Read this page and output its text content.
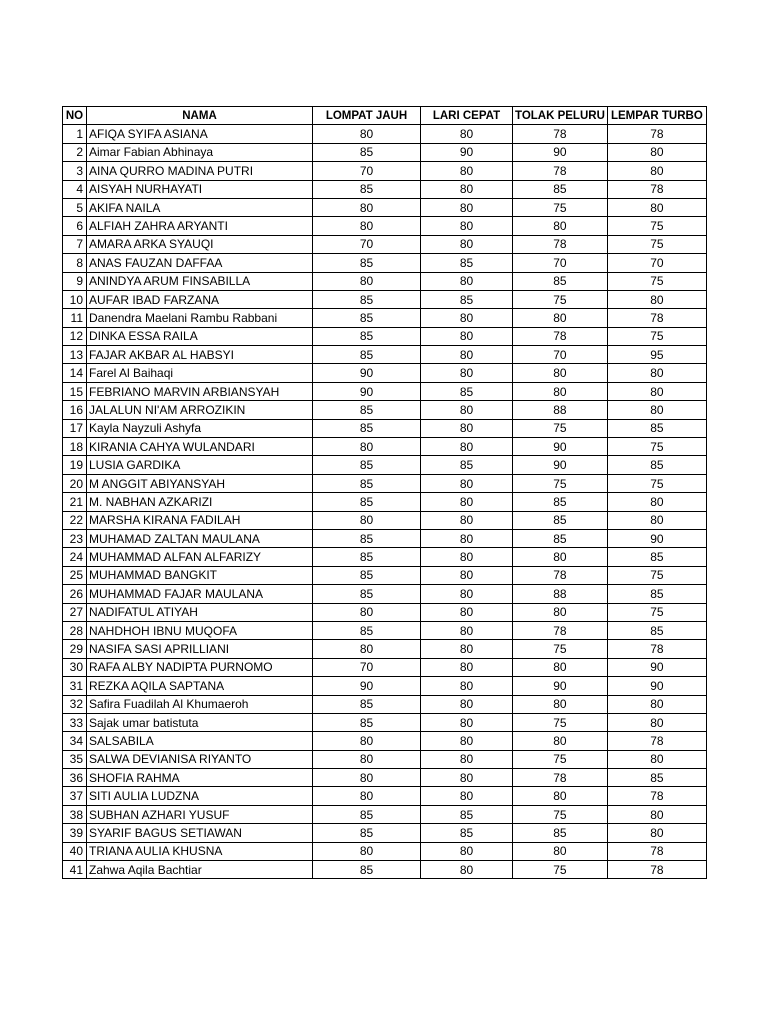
NO	NAMA	LOMPAT JAUH	LARI CEPAT	TOLAK PELURU	LEMPAR TURBO
1	AFIQA SYIFA ASIANA	80	80	78	78
2	Aimar Fabian Abhinaya	85	90	90	80
3	AINA QURRO MADINA PUTRI	70	80	78	80
4	AISYAH NURHAYATI	85	80	85	78
5	AKIFA NAILA	80	80	75	80
6	ALFIAH ZAHRA ARYANTI	80	80	80	75
7	AMARA ARKA SYAUQI	70	80	78	75
8	ANAS FAUZAN DAFFAA	85	85	70	70
9	ANINDYA ARUM FINSABILLA	80	80	85	75
10	AUFAR IBAD FARZANA	85	85	75	80
11	Danendra Maelani Rambu Rabbani	85	80	80	78
12	DINKA ESSA RAILA	85	80	78	75
13	FAJAR AKBAR AL HABSYI	85	80	70	95
14	Farel Al Baihaqi	90	80	80	80
15	FEBRIANO MARVIN ARBIANSYAH	90	85	80	80
16	JALALUN NI'AM ARROZIKIN	85	80	88	80
17	Kayla Nayzuli Ashyfa	85	80	75	85
18	KIRANIA CAHYA WULANDARI	80	80	90	75
19	LUSIA GARDIKA	85	85	90	85
20	M ANGGIT ABIYANSYAH	85	80	75	75
21	M. NABHAN AZKARIZI	85	80	85	80
22	MARSHA KIRANA FADILAH	80	80	85	80
23	MUHAMAD ZALTAN MAULANA	85	80	85	90
24	MUHAMMAD ALFAN ALFARIZY	85	80	80	85
25	MUHAMMAD BANGKIT	85	80	78	75
26	MUHAMMAD FAJAR MAULANA	85	80	88	85
27	NADIFATUL ATIYAH	80	80	80	75
28	NAHDHOH IBNU MUQOFA	85	80	78	85
29	NASIFA SASI APRILLIANI	80	80	75	78
30	RAFA ALBY NADIPTA PURNOMO	70	80	80	90
31	REZKA AQILA SAPTANA	90	80	90	90
32	Safira Fuadilah Al Khumaeroh	85	80	80	80
33	Sajak umar batistuta	85	80	75	80
34	SALSABILA	80	80	80	78
35	SALWA DEVIANISA RIYANTO	80	80	75	80
36	SHOFIA RAHMA	80	80	78	85
37	SITI AULIA LUDZNA	80	80	80	78
38	SUBHAN AZHARI YUSUF	85	85	75	80
39	SYARIF BAGUS SETIAWAN	85	85	85	80
40	TRIANA AULIA KHUSNA	80	80	80	78
41	Zahwa Aqila Bachtiar	85	80	75	78
